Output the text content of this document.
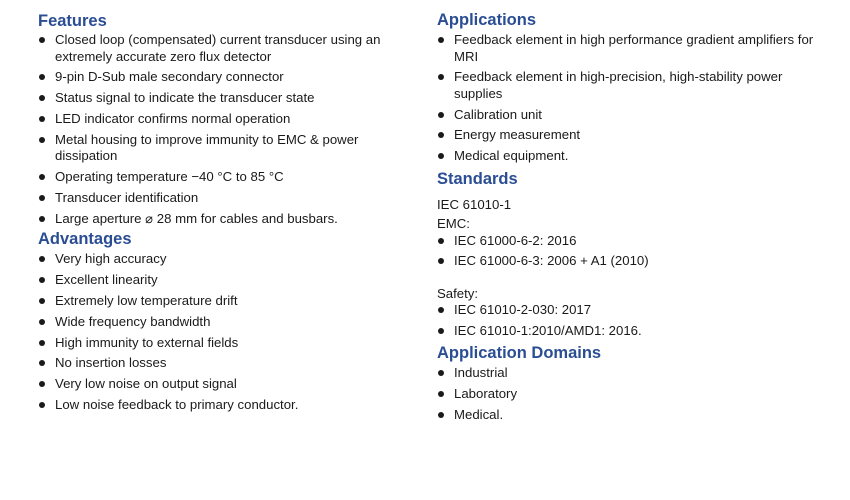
Features
Closed loop (compensated) current transducer using an extremely accurate zero flux detector
9-pin D-Sub male secondary connector
Status signal to indicate the transducer state
LED indicator confirms normal operation
Metal housing to improve immunity to EMC & power dissipation
Operating temperature −40 °C to 85 °C
Transducer identification
Large aperture ⌀ 28 mm for cables and busbars.
Advantages
Very high accuracy
Excellent linearity
Extremely low temperature drift
Wide frequency bandwidth
High immunity to external fields
No insertion losses
Very low noise on output signal
Low noise feedback to primary conductor.
Applications
Feedback element in high performance gradient amplifiers for MRI
Feedback element in high-precision, high-stability power supplies
Calibration unit
Energy measurement
Medical equipment.
Standards
IEC 61010-1
EMC:
IEC 61000-6-2: 2016
IEC 61000-6-3: 2006 + A1 (2010)
Safety:
IEC 61010-2-030: 2017
IEC 61010-1:2010/AMD1: 2016.
Application Domains
Industrial
Laboratory
Medical.
